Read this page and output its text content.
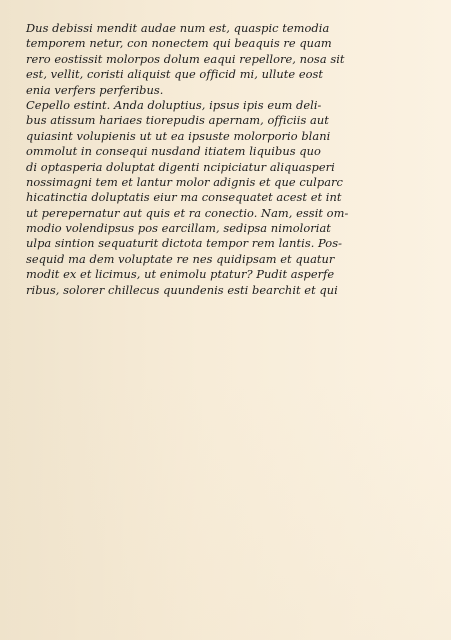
Dus debissi mendit audae num est, quaspic temodia
temporem netur, con nonectem qui beaquis re quam
rero eostissit molorpos dolum eaqui repellore, nosa sit
est, vellit, coristi aliquist que officid mi, ullute eost
enia verfers perferibus.
Cepello estint. Anda doluptius, ipsus ipis eum deli-
bus atissum hariaes tiorepudis apernam, officiis aut
quiasint volupienis ut ut ea ipsuste molorporio blani
ommolut in consequi nusdand itiatem liquibus quo
di optasperia doluptat digenti ncipiciatur aliquasperi
nossimagni tem et lantur molor adignis et que culparc
hicatinctia doluptatis eiur ma consequatet acest et int
ut perepernatur aut quis et ra conectio. Nam, essit om-
modio volendipsus pos earcillam, sedipsa nimoloriat
ulpa sintion sequaturit dictota tempor rem lantis. Pos-
sequid ma dem voluptate re nes quidipsam et quatur
modit ex et licimus, ut enimolu ptatur? Pudit asperfe
ribus, solorer chillecus quundenis esti bearchit et qui
